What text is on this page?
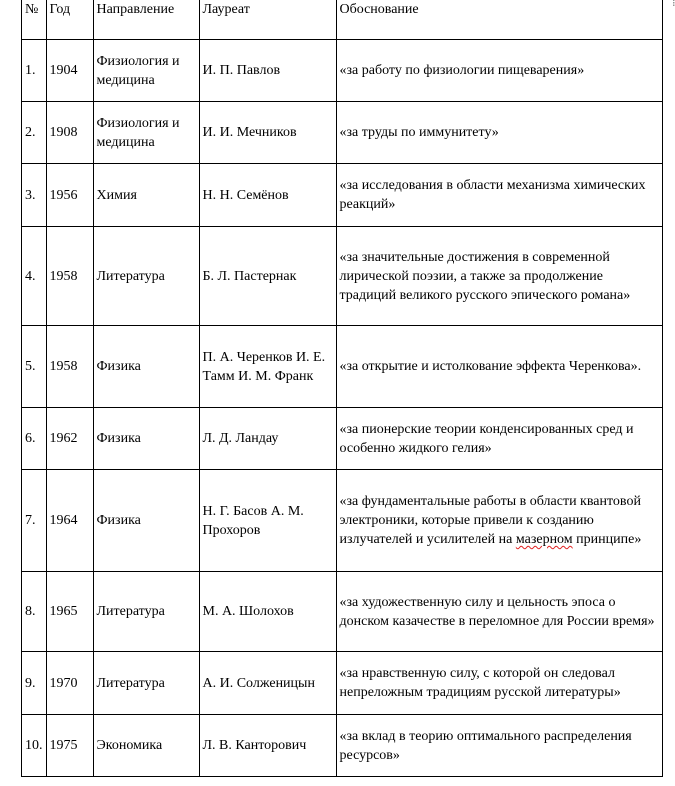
№	Год	Направление	Лауреат	Обоснование
1.	1904	Физиология и медицина	И. П. Павлов	«за работу по физиологии пищеварения»
2.	1908	Физиология и медицина	И. И. Мечников	«за труды по иммунитету»
3.	1956	Химия	Н. Н. Семёнов	«за исследования в области механизма химических реакций»
4.	1958	Литература	Б. Л. Пастернак	«за значительные достижения в современной лирической поэзии, а также за продолжение традиций великого русского эпического романа»
5.	1958	Физика	П. А. Черенков И. Е. Тамм И. М. Франк	«за открытие и истолкование эффекта Черенкова».
6.	1962	Физика	Л. Д. Ландау	«за пионерские теории конденсированных сред и особенно жидкого гелия»
7.	1964	Физика	Н. Г. Басов А. М. Прохоров	«за фундаментальные работы в области квантовой электроники, которые привели к созданию излучателей и усилителей на мазерном принципе»
8.	1965	Литература	М. А. Шолохов	«за художественную силу и цельность эпоса о донском казачестве в переломное для России время»
9.	1970	Литература	А. И. Солженицын	«за нравственную силу, с которой он следовал непреложным традициям русской литературы»
10.	1975	Экономика	Л. В. Канторович	«за вклад в теорию оптимального распределения ресурсов»
⁞
